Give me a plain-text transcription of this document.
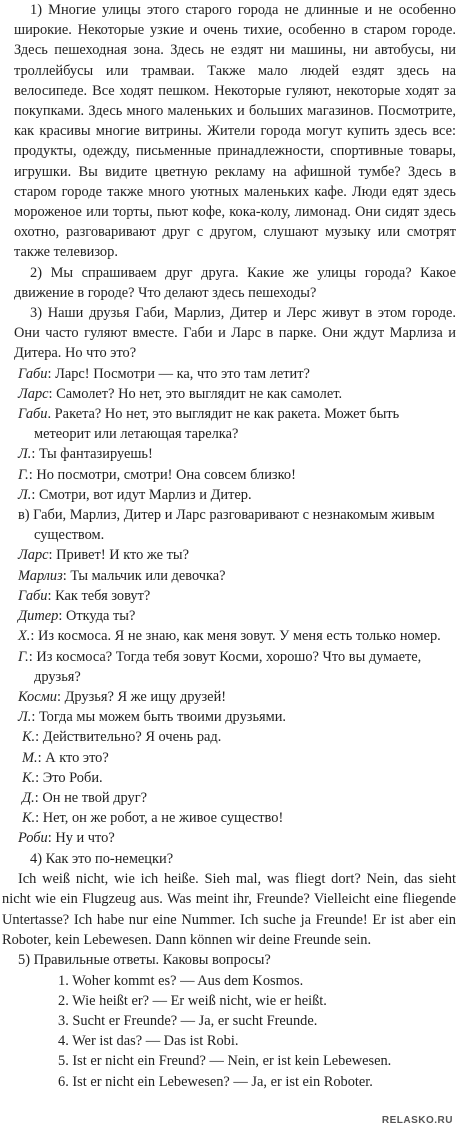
1) Многие улицы этого старого города не длинные и не особенно широкие. Некоторые узкие и очень тихие, особенно в старом городе. Здесь пешеходная зона. Здесь не ездят ни машины, ни автобусы, ни троллейбусы или трамваи. Также мало людей ездят здесь на велосипеде. Все ходят пешком. Некоторые гуляют, некоторые ходят за покупками. Здесь много маленьких и больших магазинов. Посмотрите, как красивы многие витрины. Жители города могут купить здесь все: продукты, одежду, письменные принадлежности, спортивные товары, игрушки. Вы видите цветную рекламу на афишной тумбе? Здесь в старом городе также много уютных маленьких кафе. Люди едят здесь мороженое или торты, пьют кофе, кока-колу, лимонад. Они сидят здесь охотно, разговаривают друг с другом, слушают музыку или смотрят также телевизор.

2) Мы спрашиваем друг друга. Какие же улицы города? Какое движение в городе? Что делают здесь пешеходы?

3) Наши друзья Габи, Марлиз, Дитер и Лерс живут в этом городе. Они часто гуляют вместе. Габи и Ларс в парке. Они ждут Марлиза и Дитера. Но что это?

Габи: Ларс! Посмотри — ка, что это там летит?

Ларс: Самолет? Но нет, это выглядит не как самолет.

Габи. Ракета? Но нет, это выглядит не как ракета. Может быть метеорит или летающая тарелка?

Л.: Ты фантазируешь!

Г.: Но посмотри, смотри! Она совсем близко!

Л.: Смотри, вот идут Марлиз и Дитер.

в) Габи, Марлиз, Дитер и Ларс разговаривают с незнакомым живым существом.

Ларс: Привет! И кто же ты?

Марлиз: Ты мальчик или девочка?

Габи: Как тебя зовут?

Дитер: Откуда ты?

Х.: Из космоса. Я не знаю, как меня зовут. У меня есть только номер.

Г.: Из космоса? Тогда тебя зовут Косми, хорошо? Что вы думаете, друзья?

Косми: Друзья? Я же ищу друзей!

Л.: Тогда мы можем быть твоими друзьями.

К.: Действительно? Я очень рад.

М.: А кто это?

К.: Это Роби.

Д.: Он не твой друг?

К.: Нет, он же робот, а не живое существо!

Роби: Ну и что?

4) Как это по-немецки?

Ich weiß nicht, wie ich heiße. Sieh mal, was fliegt dort? Nein, das sieht nicht wie ein Flugzeug aus. Was meint ihr, Freunde? Vielleicht eine fliegende Untertasse? Ich habe nur eine Nummer. Ich suche ja Freunde! Er ist aber ein Roboter, kein Lebewesen. Dann können wir deine Freunde sein.

5) Правильные ответы. Каковы вопросы?

1. Woher kommt es? — Aus dem Kosmos.

2. Wie heißt er? — Er weiß nicht, wie er heißt.

3. Sucht er Freunde? — Ja, er sucht Freunde.

4. Wer ist das? — Das ist Robi.

5. Ist er nicht ein Freund? — Nein, er ist kein Lebewesen.

6. Ist er nicht ein Lebewesen? — Ja, er ist ein Roboter.

RELASKO.RU
